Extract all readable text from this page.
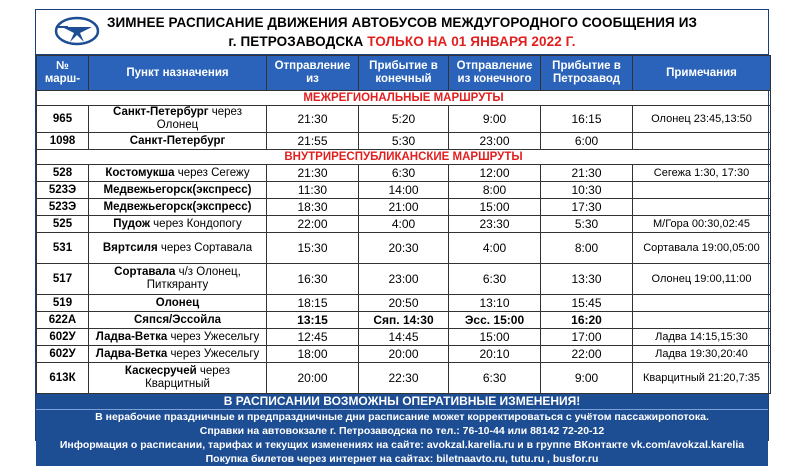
ЗИМНЕЕ РАСПИСАНИЕ ДВИЖЕНИЯ АВТОБУСОВ МЕЖДУГОРОДНОГО СООБЩЕНИЯ ИЗ
г. ПЕТРОЗАВОДСКА ТОЛЬКО НА 01 ЯНВАРЯ 2022 Г.
№ марш-	Пункт назначения	Отправление из	Прибытие в конечный	Отправление из конечного	Прибытие в Петрозавод	Примечания
МЕЖРЕГИОНАЛЬНЫЕ МАРШРУТЫ						
965	Санкт-Петербург через Олонец	21:30	5:20	9:00	16:15	Олонец 23:45,13:50
1098	Санкт-Петербург	21:55	5:30	23:00	6:00	
ВНУТРИРЕСПУБЛИКАНСКИЕ МАРШРУТЫ						
528	Костомукша через Сегежу	21:30	6:30	12:00	21:30	Сегежа 1:30, 17:30
523Э	Медвежьегорск(экспресс)	11:30	14:00	8:00	10:30	
523Э	Медвежьегорск(экспресс)	18:30	21:00	15:00	17:30	
525	Пудож через Кондопогу	22:00	4:00	23:30	5:30	М/Гора 00:30,02:45
531	Вяртсиля через Сортавала	15:30	20:30	4:00	8:00	Сортавала 19:00,05:00
517	Сортавала ч/з Олонец, Питкяранту	16:30	23:00	6:30	13:30	Олонец 19:00,11:00
519	Олонец	18:15	20:50	13:10	15:45	
622А	Сяпся/Эссойла	13:15	Сяп. 14:30	Эсс. 15:00	16:20	
602У	Ладва-Ветка через Ужесельгу	12:45	14:45	15:00	17:00	Ладва 14:15,15:30
602У	Ладва-Ветка через Ужесельгу	18:00	20:00	20:10	22:00	Ладва 19:30,20:40
613К	Каскесручей через Кварцитный	20:00	22:30	6:30	9:00	Кварцитный 21:20,7:35
В РАСПИСАНИИ ВОЗМОЖНЫ ОПЕРАТИВНЫЕ ИЗМЕНЕНИЯ!
В нерабочие праздничные и предпраздничные дни расписание может корректироваться с учётом пассажиропотока.
Справки на автовокзале г. Петрозаводска по тел.: 76-10-44 или 88142 72-20-12
Информация о расписании, тарифах и текущих изменениях на сайте: avokzal.karelia.ru и в группе ВКонтакте vk.com/avokzal.karelia
Покупка билетов через интернет на сайтах: biletnaavto.ru, tutu.ru , busfor.ru
